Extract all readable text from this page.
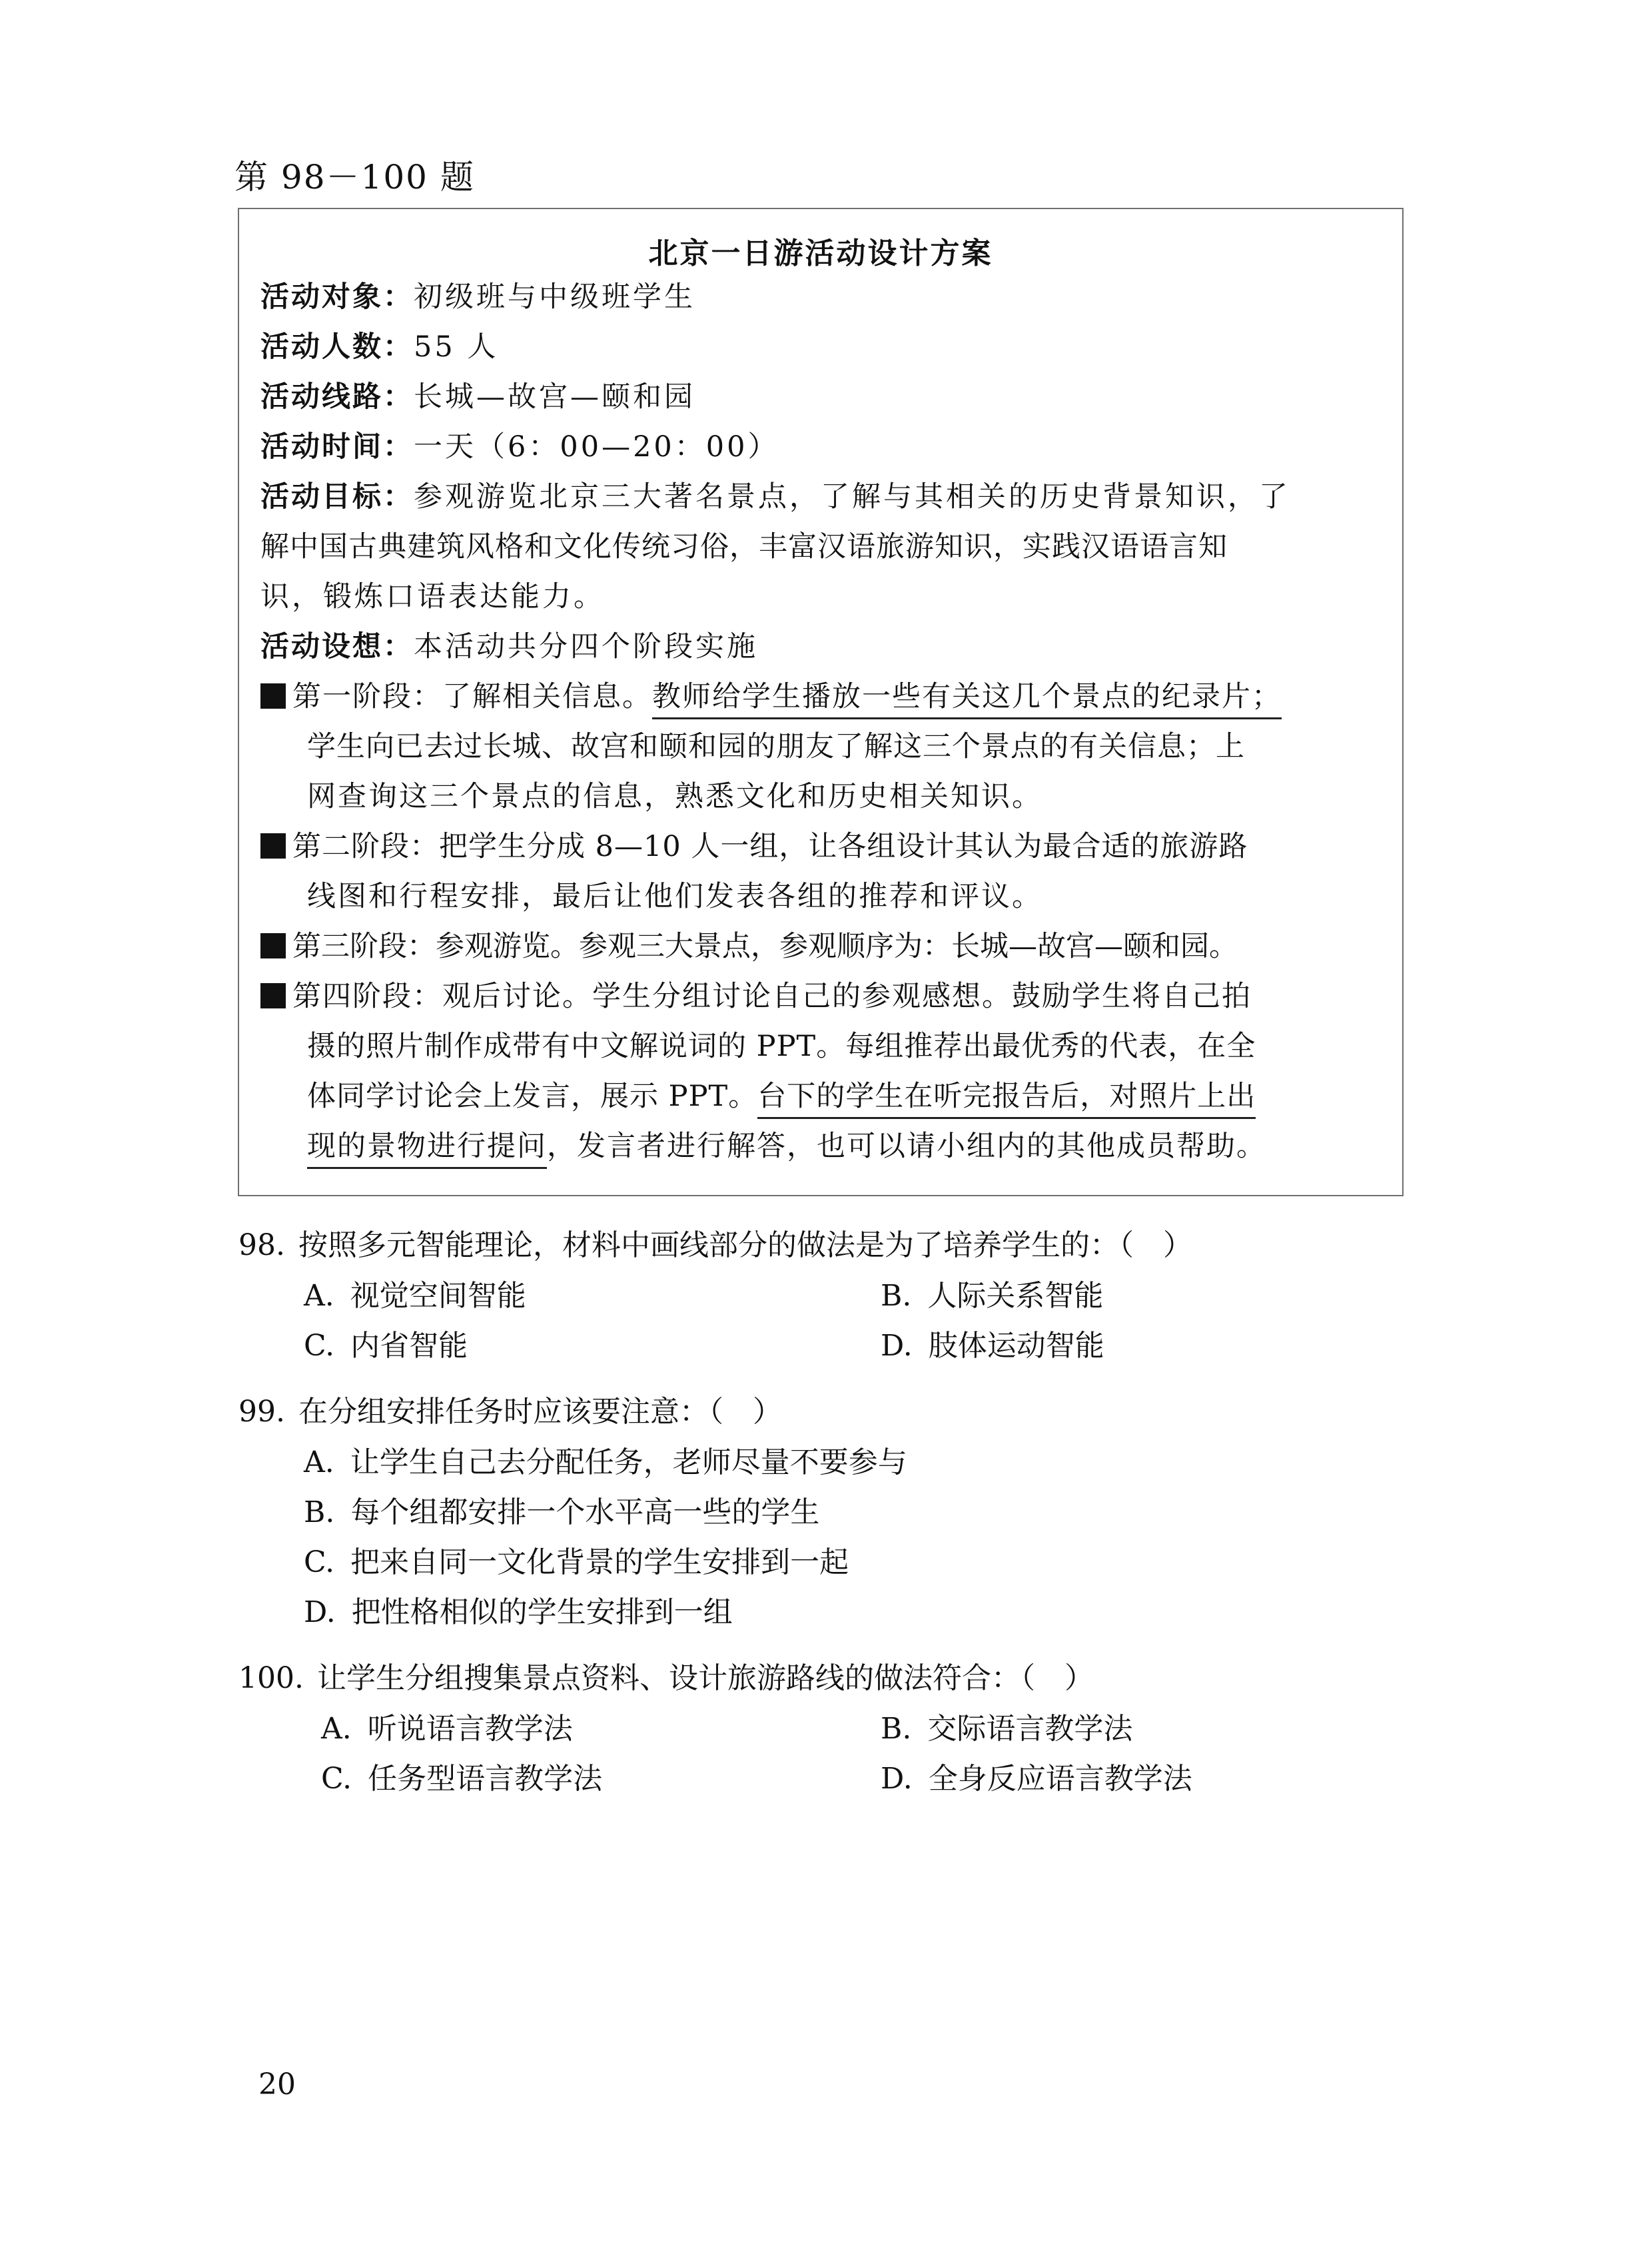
第 98－100 题
北京一日游活动设计方案
活动对象：初级班与中级班学生
活动人数：55 人
活动线路：长城—故宫—颐和园
活动时间：一天（6：00—20：00）
活动目标：参观游览北京三大著名景点，了解与其相关的历史背景知识，了
解中国古典建筑风格和文化传统习俗，丰富汉语旅游知识，实践汉语语言知
识，锻炼口语表达能力。
活动设想：本活动共分四个阶段实施
第一阶段：了解相关信息。教师给学生播放一些有关这几个景点的纪录片；
学生向已去过长城、故宫和颐和园的朋友了解这三个景点的有关信息；上
网查询这三个景点的信息，熟悉文化和历史相关知识。
第二阶段：把学生分成 8—10 人一组，让各组设计其认为最合适的旅游路
线图和行程安排，最后让他们发表各组的推荐和评议。
第三阶段：参观游览。参观三大景点，参观顺序为：长城—故宫—颐和园。
第四阶段：观后讨论。学生分组讨论自己的参观感想。鼓励学生将自己拍
摄的照片制作成带有中文解说词的 PPT。每组推荐出最优秀的代表，在全
体同学讨论会上发言，展示 PPT。台下的学生在听完报告后，对照片上出
现的景物进行提问，发言者进行解答，也可以请小组内的其他成员帮助。
98. 按照多元智能理论，材料中画线部分的做法是为了培养学生的：（　）
A. 视觉空间智能	B. 人际关系智能
C. 内省智能	D. 肢体运动智能
99. 在分组安排任务时应该要注意：（　）
A. 让学生自己去分配任务，老师尽量不要参与
B. 每个组都安排一个水平高一些的学生
C. 把来自同一文化背景的学生安排到一起
D. 把性格相似的学生安排到一组
100. 让学生分组搜集景点资料、设计旅游路线的做法符合：（　）
A. 听说语言教学法	B. 交际语言教学法
C. 任务型语言教学法	D. 全身反应语言教学法
20
